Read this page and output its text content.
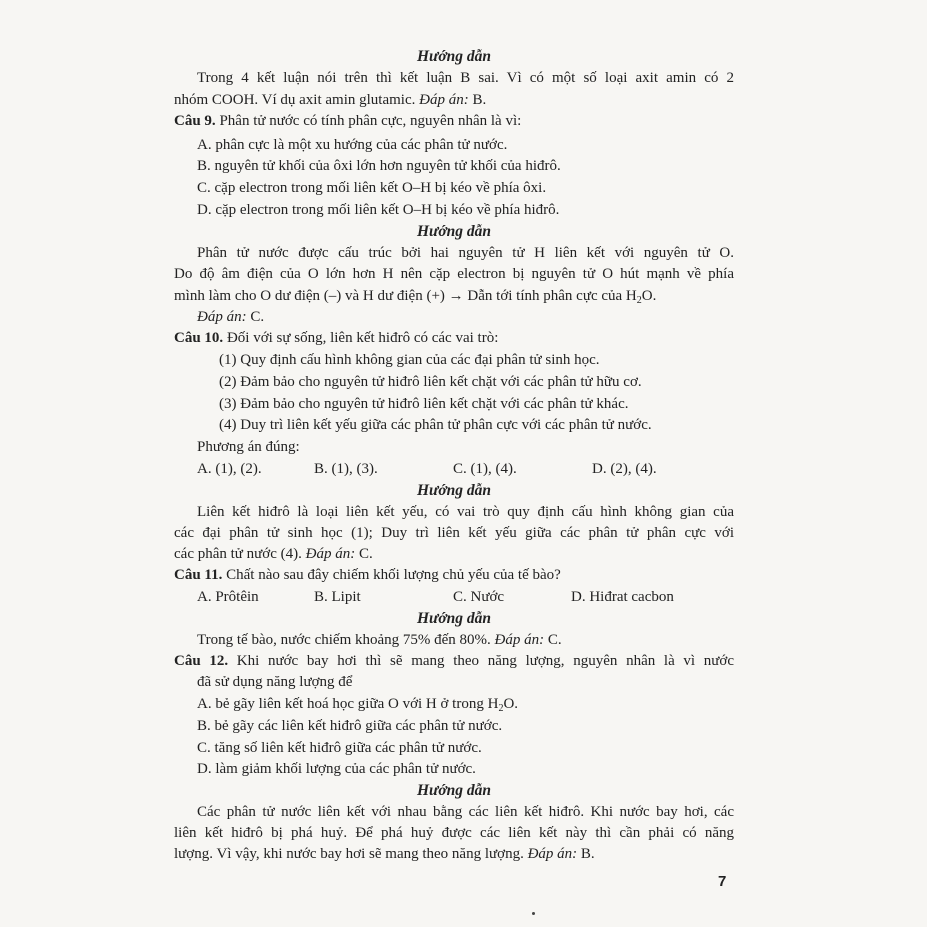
Hướng dẫn
Trong 4 kết luận nói trên thì kết luận B sai. Vì có một số loại axit amin có 2
nhóm COOH. Ví dụ axit amin glutamic. Đáp án: B.
Câu 9. Phân tử nước có tính phân cực, nguyên nhân là vì:
A. phân cực là một xu hướng của các phân tử nước.
B. nguyên tử khối của ôxi lớn hơn nguyên tử khối của hiđrô.
C. cặp electron trong mối liên kết O–H bị kéo về phía ôxi.
D. cặp electron trong mối liên kết O–H bị kéo về phía hiđrô.
Hướng dẫn
Phân tử nước được cấu trúc bởi hai nguyên tử H liên kết với nguyên tử O.
Do độ âm điện của O lớn hơn H nên cặp electron bị nguyên tử O hút mạnh về phía
mình làm cho O dư điện (–) và H dư điện (+) → Dẫn tới tính phân cực của $H_2O$.
Đáp án: C.
Câu 10. Đối với sự sống, liên kết hiđrô có các vai trò:
(1) Quy định cấu hình không gian của các đại phân tử sinh học.
(2) Đảm bảo cho nguyên tử hiđrô liên kết chặt với các phân tử hữu cơ.
(3) Đảm bảo cho nguyên tử hiđrô liên kết chặt với các phân tử khác.
(4) Duy trì liên kết yếu giữa các phân tử phân cực với các phân tử nước.
Phương án đúng:
A. (1), (2).	B. (1), (3).	C. (1), (4).	D. (2), (4).
Hướng dẫn
Liên kết hiđrô là loại liên kết yếu, có vai trò quy định cấu hình không gian của
các đại phân tử sinh học (1); Duy trì liên kết yếu giữa các phân tử phân cực với
các phân tử nước (4). Đáp án: C.
Câu 11. Chất nào sau đây chiếm khối lượng chủ yếu của tế bào?
A. Prôtêin	B. Lipit	C. Nước	D. Hiđrat cacbon
Hướng dẫn
Trong tế bào, nước chiếm khoảng 75% đến 80%. Đáp án: C.
Câu 12. Khi nước bay hơi thì sẽ mang theo năng lượng, nguyên nhân là vì nước
đã sử dụng năng lượng để
A. bẻ gãy liên kết hoá học giữa O với H ở trong $H_2O$.
B. bẻ gãy các liên kết hiđrô giữa các phân tử nước.
C. tăng số liên kết hiđrô giữa các phân tử nước.
D. làm giảm khối lượng của các phân tử nước.
Hướng dẫn
Các phân tử nước liên kết với nhau bằng các liên kết hiđrô. Khi nước bay hơi, các
liên kết hiđrô bị phá huỷ. Để phá huỷ được các liên kết này thì cần phải có năng
lượng. Vì vậy, khi nước bay hơi sẽ mang theo năng lượng. Đáp án: B.
7
